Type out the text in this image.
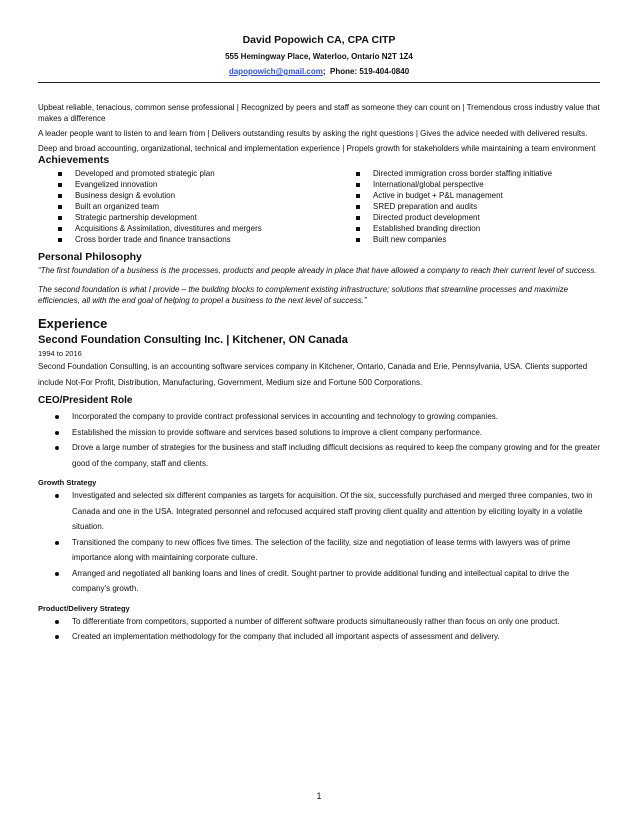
David Popowich CA, CPA CITP
555 Hemingway Place, Waterloo, Ontario N2T 1Z4
dapopowich@gmail.com; Phone: 519-404-0840
Upbeat reliable, tenacious, common sense professional | Recognized by peers and staff as someone they can count on | Tremendous cross industry value that makes a difference
A leader people want to listen to and learn from | Delivers outstanding results by asking the right questions | Gives the advice needed with delivered results.
Deep and broad accounting, organizational, technical and implementation experience | Propels growth for stakeholders while maintaining a team environment
Achievements
Developed and promoted strategic plan
Evangelized innovation
Business design & evolution
Built an organized team
Strategic partnership development
Acquisitions & Assimilation, divestitures and mergers
Cross border trade and finance transactions
Directed immigration cross border staffing initiative
International/global perspective
Active in budget + P&L management
SRED preparation and audits
Directed product development
Established branding direction
Built new companies
Personal Philosophy
“The first foundation of a business is the processes, products and people already in place that have allowed a company to reach their current level of success.
The second foundation is what I provide – the building blocks to complement existing infrastructure; solutions that streamline processes and maximize efficiencies, all with the end goal of helping to propel a business to the next level of success.”
Experience
Second Foundation Consulting Inc. | Kitchener, ON Canada
1994 to 2016
Second Foundation Consulting, is an accounting software services company in Kitchener, Ontario, Canada and Erie, Pennsylvania, USA. Clients supported include Not-For Profit, Distribution, Manufacturing, Government, Medium size and Fortune 500 Corporations.
CEO/President Role
Incorporated the company to provide contract professional services in accounting and technology to growing companies.
Established the mission to provide software and services based solutions to improve a client company performance.
Drove a large number of strategies for the business and staff including difficult decisions as required to keep the company growing and for the greater good of the company, staff and clients.
Growth Strategy
Investigated and selected six different companies as targets for acquisition. Of the six, successfully purchased and merged three companies, two in Canada and one in the USA. Integrated personnel and refocused acquired staff proving client quality and attention by eliciting loyalty in a volatile situation.
Transitioned the company to new offices five times. The selection of the facility, size and negotiation of lease terms with lawyers was of prime importance along with maintaining corporate culture.
Arranged and negotiated all banking loans and lines of credit. Sought partner to provide additional funding and intellectual capital to drive the company’s growth.
Product/Delivery Strategy
To differentiate from competitors, supported a number of different software products simultaneously rather than focus on only one product.
Created an implementation methodology for the company that included all important aspects of assessment and delivery.
1
